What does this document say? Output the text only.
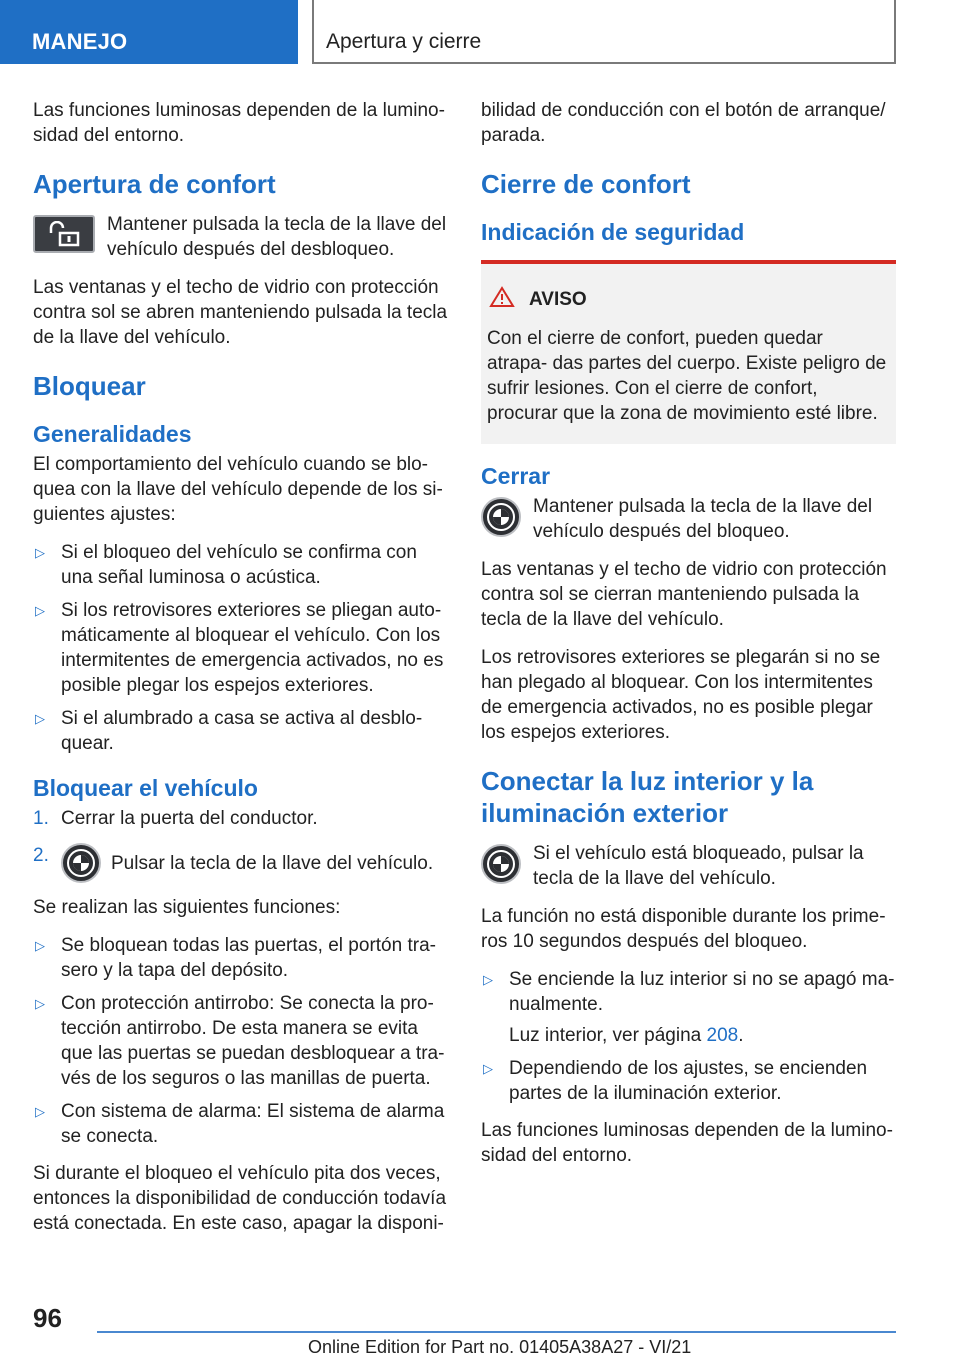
MANEJO	Apertura y cierre

Las funciones luminosas dependen de la lumino- sidad del entorno.

Apertura de confort

Mantener pulsada la tecla de la llave del vehículo después del desbloqueo.

Las ventanas y el techo de vidrio con protección contra sol se abren manteniendo pulsada la tecla de la llave del vehículo.

Bloquear
Generalidades

El comportamiento del vehículo cuando se blo- quea con la llave del vehículo depende de los si- guientes ajustes:

▷ Si el bloqueo del vehículo se confirma con una señal luminosa o acústica.
▷ Si los retrovisores exteriores se pliegan auto- máticamente al bloquear el vehículo. Con los intermitentes de emergencia activados, no es posible plegar los espejos exteriores.
▷ Si el alumbrado a casa se activa al desblo- quear.
Bloquear el vehículo
1. Cerrar la puerta del conductor.
2.	Pulsar la tecla de la llave del vehículo.

Se realizan las siguientes funciones:

▷ Se bloquean todas las puertas, el portón tra- sero y la tapa del depósito.
▷ Con protección antirrobo: Se conecta la pro- tección antirrobo. De esta manera se evita que las puertas se puedan desbloquear a tra- vés de los seguros o las manillas de puerta.
▷ Con sistema de alarma: El sistema de alarma se conecta.

Si durante el bloqueo el vehículo pita dos veces, entonces la disponibilidad de conducción todavía está conectada. En este caso, apagar la disponi-

bilidad de conducción con el botón de arranque/ parada.

Cierre de confort
Indicación de seguridad
AVISO

Con el cierre de confort, pueden quedar atrapa- das partes del cuerpo. Existe peligro de sufrir lesiones. Con el cierre de confort, procurar que la zona de movimiento esté libre.

Cerrar

Mantener pulsada la tecla de la llave del vehículo después del bloqueo.

Las ventanas y el techo de vidrio con protección contra sol se cierran manteniendo pulsada la tecla de la llave del vehículo.

Los retrovisores exteriores se plegarán si no se han plegado al bloquear. Con los intermitentes de emergencia activados, no es posible plegar los espejos exteriores.

Conectar la luz interior y la iluminación exterior

Si el vehículo está bloqueado, pulsar la tecla de la llave del vehículo.

La función no está disponible durante los prime- ros 10 segundos después del bloqueo.

▷ Se enciende la luz interior si no se apagó ma- nualmente.
Luz interior, ver página 208.
▷ Dependiendo de los ajustes, se encienden partes de la iluminación exterior.

Las funciones luminosas dependen de la lumino- sidad del entorno.

96
Online Edition for Part no. 01405A38A27 - VI/21
